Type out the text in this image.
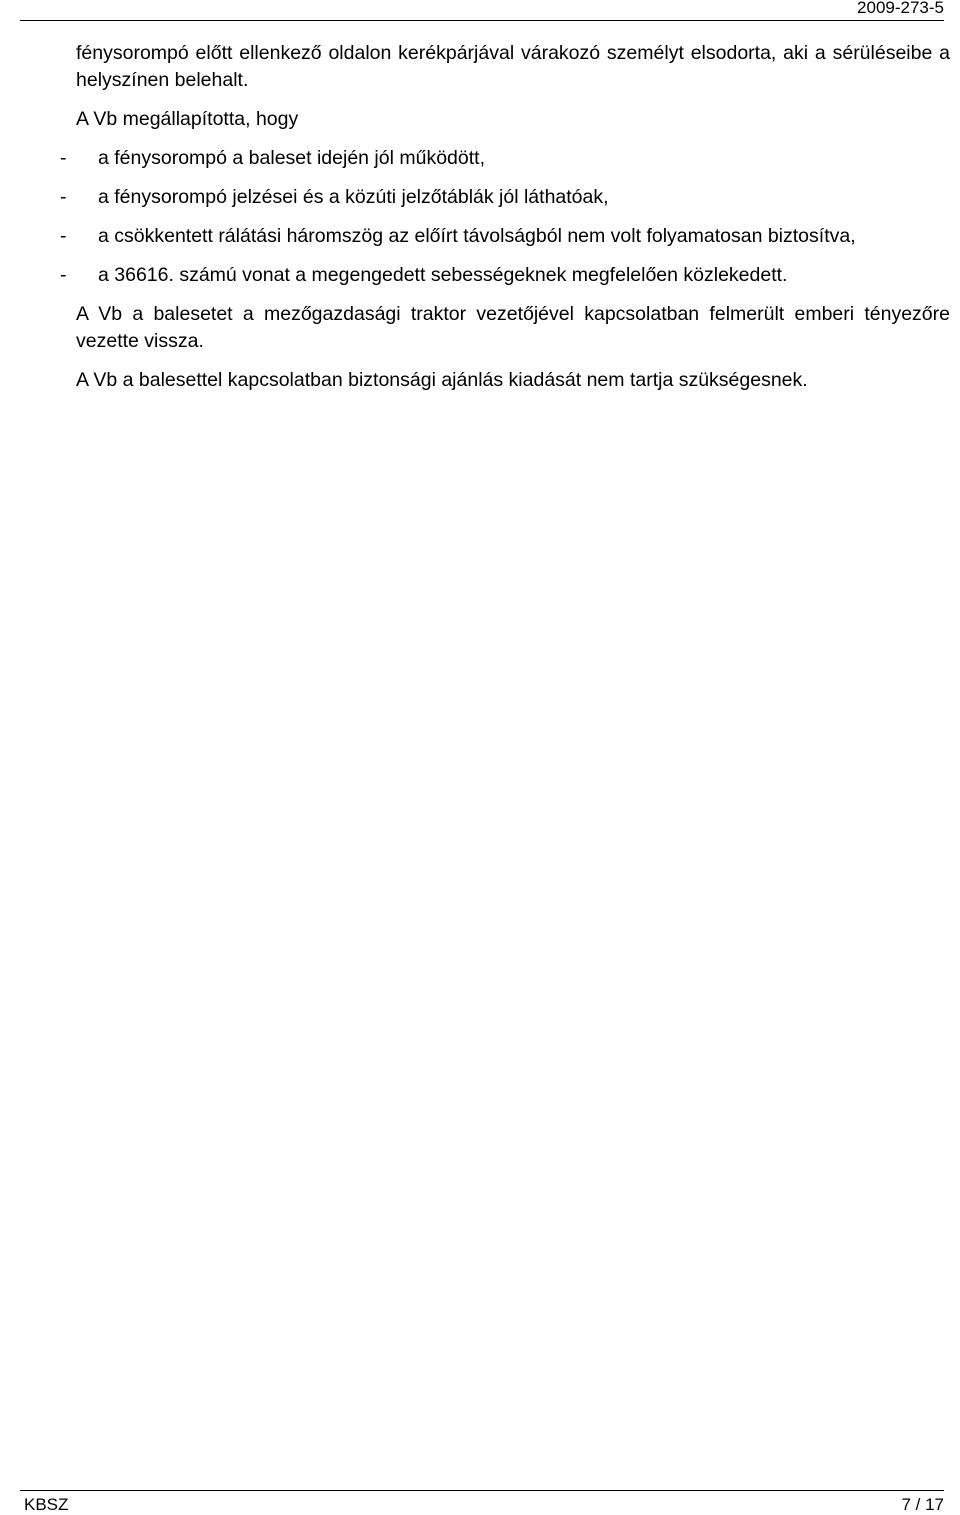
2009-273-5

fénysorompó előtt ellenkező oldalon kerékpárjával várakozó személyt elsodorta, aki a sérüléseibe a helyszínen belehalt.

A Vb megállapította, hogy

- a fénysorompó a baleset idején jól működött,
- a fénysorompó jelzései és a közúti jelzőtáblák jól láthatóak,
- a csökkentett rálátási háromszög az előírt távolságból nem volt folyamatosan biztosítva,
- a 36616. számú vonat a megengedett sebességeknek megfelelően közlekedett.

A Vb a balesetet a mezőgazdasági traktor vezetőjével kapcsolatban felmerült emberi tényezőre vezette vissza.

A Vb a balesettel kapcsolatban biztonsági ajánlás kiadását nem tartja szükségesnek.

KBSZ	7 / 17
